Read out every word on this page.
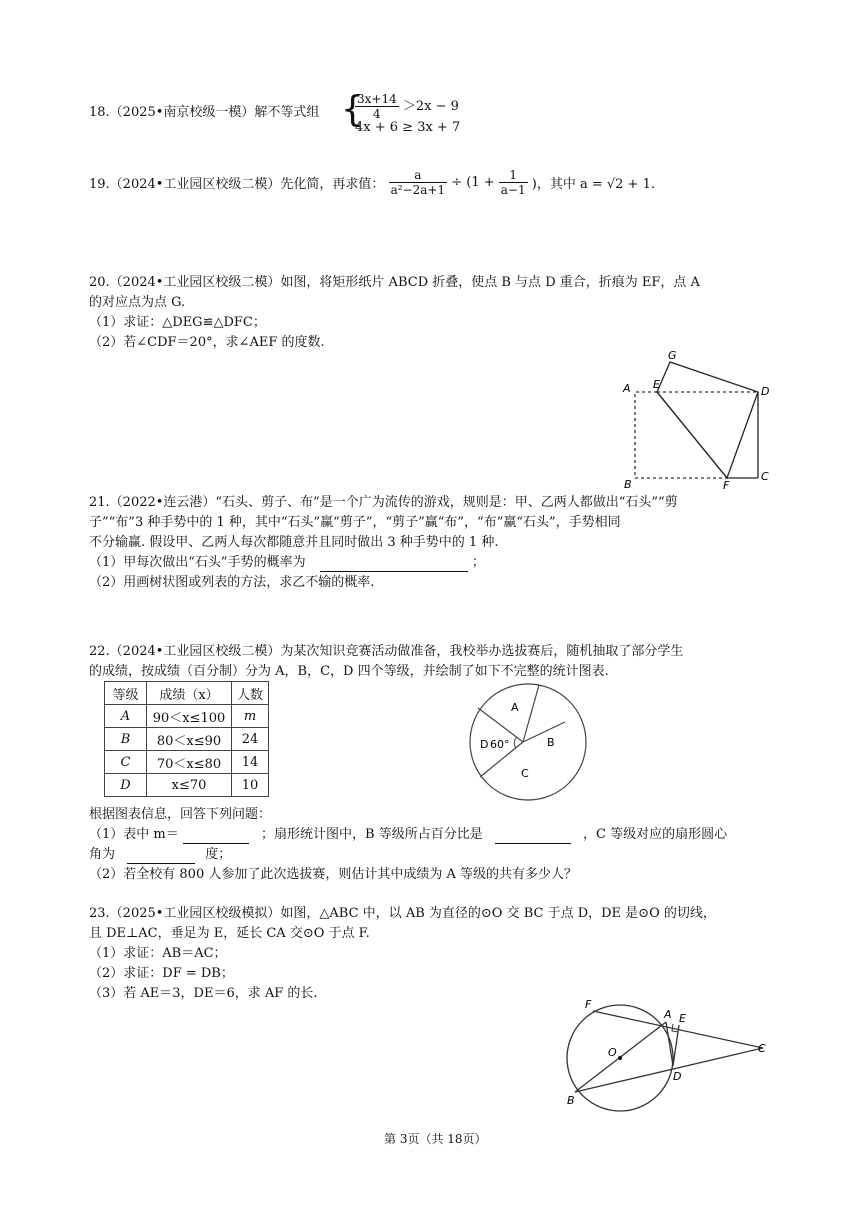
18.（2025•南京校级一模）解不等式组 {
$\frac{3x+14}{4} >2x - 9$
4x + 6 ≥ 3x + 7
19.（2024•工业园区校级二模）先化简，再求值： $\frac{a}{\text{a²−2a+1}} \div (1 + \frac{1}{a-1}$ )，其中 a = √2 + 1.
20.（2024•工业园区校级二模）如图，将矩形纸片 ABCD 折叠，使点 B 与点 D 重合，折痕为 EF，点 A
的对应点为点 G.
（1）求证：△DEG≌△DFC；
（2）若∠CDF＝20°，求∠AEF 的度数.
G
A E
D
B	F
C
21.（2022•连云港）“石头、剪子、布”是一个广为流传的游戏，规则是：甲、乙两人都做出“石头”“剪
子”“布”3 种手势中的 1 种，其中“石头”赢“剪子”，“剪子”赢“布”，“布”赢“石头”，手势相同
不分输赢. 假设甲、乙两人每次都随意并且同时做出 3 种手势中的 1 种.
（1）甲每次做出“石头”手势的概率为	；
（2）用画树状图或列表的方法，求乙不输的概率.
22.（2024•工业园区校级二模）为某次知识竞赛活动做准备，我校举办选拔赛后，随机抽取了部分学生
的成绩，按成绩（百分制）分为 A，B，C，D 四个等级，并绘制了如下不完整的统计图表.
等级	成绩（x）	人数
A	90＜x≤100	m
B	80＜x≤90	24
C	70＜x≤80	14
D	x≤70	10
A
B
C
D 60°
根据图表信息，回答下列问题：
（1）表中 m＝	；扇形统计图中，B 等级所占百分比是	，C 等级对应的扇形圆心
角为	度；
（2）若全校有 800 人参加了此次选拔赛，则估计其中成绩为 A 等级的共有多少人？
23.（2025•工业园区校级模拟）如图，△ABC 中，以 AB 为直径的⊙O 交 BC 于点 D，DE 是⊙O 的切线，
且 DE⊥AC，垂足为 E，延长 CA 交⊙O 于点 F.
（1）求证：AB＝AC；
（2）求证：DF = DB；
（3）若 AE＝3，DE＝6，求 AF 的长.
F
A E
O	C
D
B
第 3页（共 18页）
